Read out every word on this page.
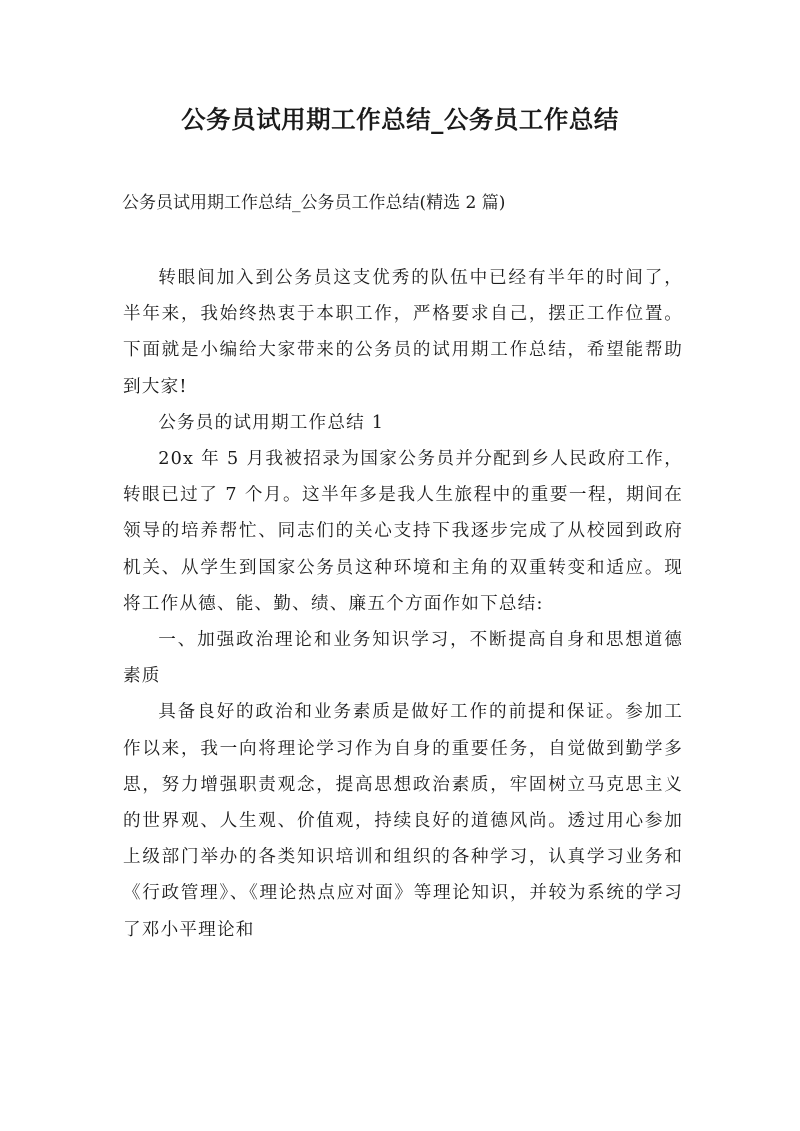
公务员试用期工作总结_公务员工作总结
公务员试用期工作总结_公务员工作总结(精选 2 篇)

转眼间加入到公务员这支优秀的队伍中已经有半年的时间了，半年来，我始终热衷于本职工作，严格要求自己，摆正工作位置。下面就是小编给大家带来的公务员的试用期工作总结，希望能帮助到大家!

公务员的试用期工作总结 1

20x 年 5 月我被招录为国家公务员并分配到乡人民政府工作，转眼已过了 7 个月。这半年多是我人生旅程中的重要一程，期间在领导的培养帮忙、同志们的关心支持下我逐步完成了从校园到政府机关、从学生到国家公务员这种环境和主角的双重转变和适应。现将工作从德、能、勤、绩、廉五个方面作如下总结:

一、加强政治理论和业务知识学习，不断提高自身和思想道德素质

具备良好的政治和业务素质是做好工作的前提和保证。参加工作以来，我一向将理论学习作为自身的重要任务，自觉做到勤学多思，努力增强职责观念，提高思想政治素质，牢固树立马克思主义的世界观、人生观、价值观，持续良好的道德风尚。透过用心参加上级部门举办的各类知识培训和组织的各种学习，认真学习业务和《行政管理》、《理论热点应对面》等理论知识，并较为系统的学习了邓小平理论和
